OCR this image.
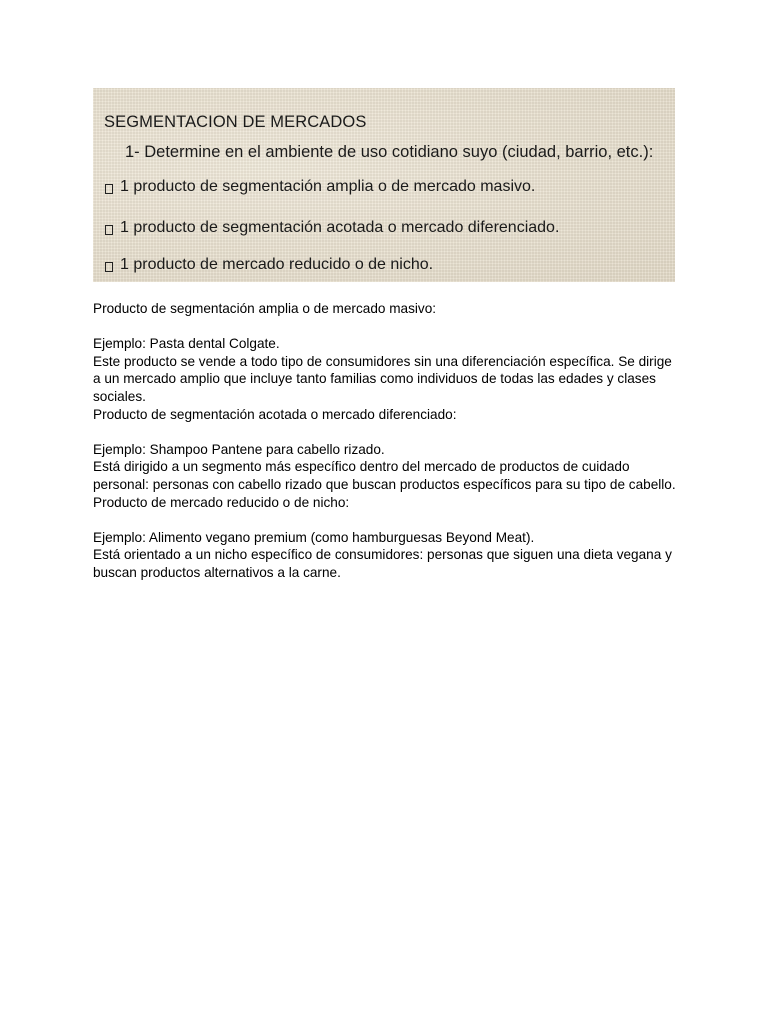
SEGMENTACION DE MERCADOS
1- Determine en el ambiente de uso cotidiano suyo (ciudad, barrio, etc.):
1 producto de segmentación amplia o de mercado masivo.
1 producto de segmentación acotada o mercado diferenciado.
1 producto de mercado reducido o de nicho.

Producto de segmentación amplia o de mercado masivo:

Ejemplo: Pasta dental Colgate.

Este producto se vende a todo tipo de consumidores sin una diferenciación específica. Se dirige a un mercado amplio que incluye tanto familias como individuos de todas las edades y clases sociales.

Producto de segmentación acotada o mercado diferenciado:

Ejemplo: Shampoo Pantene para cabello rizado.

Está dirigido a un segmento más específico dentro del mercado de productos de cuidado personal: personas con cabello rizado que buscan productos específicos para su tipo de cabello.

Producto de mercado reducido o de nicho:

Ejemplo: Alimento vegano premium (como hamburguesas Beyond Meat).

Está orientado a un nicho específico de consumidores: personas que siguen una dieta vegana y buscan productos alternativos a la carne.
